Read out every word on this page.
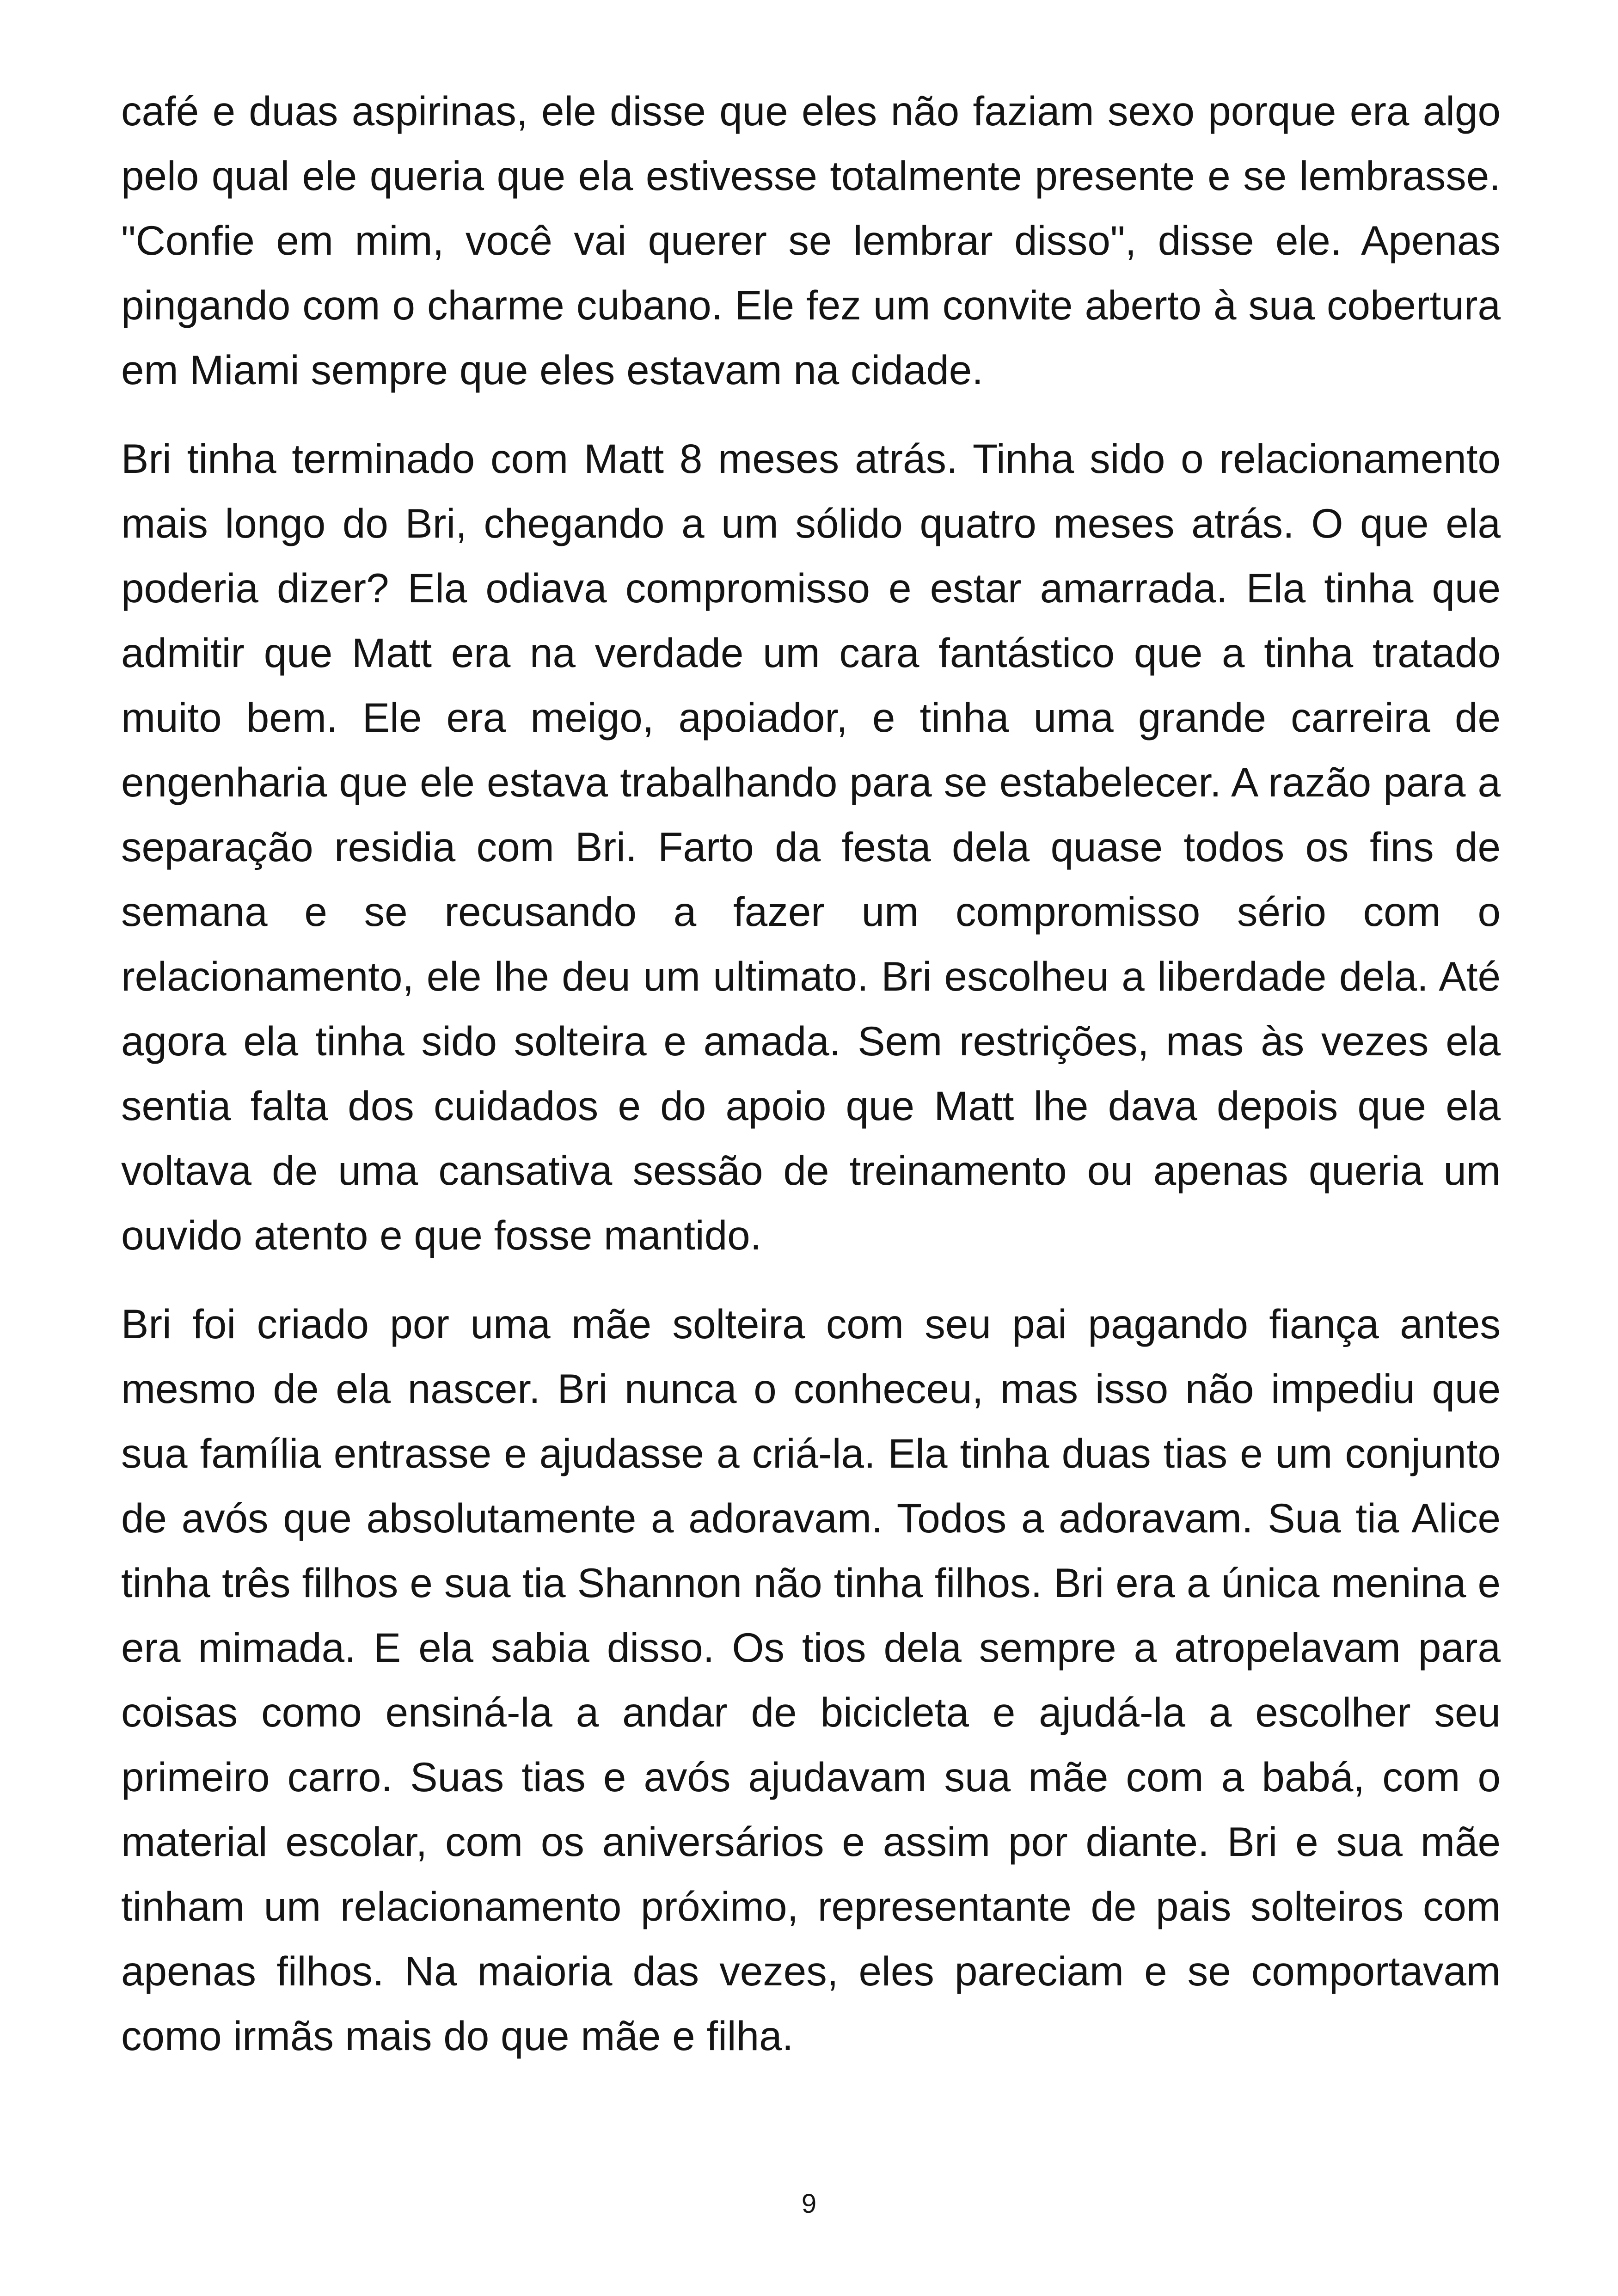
café e duas aspirinas, ele disse que eles não faziam sexo porque era algo pelo qual ele queria que ela estivesse totalmente presente e se lembrasse. "Confie em mim, você vai querer se lembrar disso", disse ele. Apenas pingando com o charme cubano. Ele fez um convite aberto à sua cobertura em Miami sempre que eles estavam na cidade.

Bri tinha terminado com Matt 8 meses atrás. Tinha sido o relacionamento mais longo do Bri, chegando a um sólido quatro meses atrás. O que ela poderia dizer? Ela odiava compromisso e estar amarrada. Ela tinha que admitir que Matt era na verdade um cara fantástico que a tinha tratado muito bem. Ele era meigo, apoiador, e tinha uma grande carreira de engenharia que ele estava trabalhando para se estabelecer. A razão para a separação residia com Bri. Farto da festa dela quase todos os fins de semana e se recusando a fazer um compromisso sério com o relacionamento, ele lhe deu um ultimato. Bri escolheu a liberdade dela. Até agora ela tinha sido solteira e amada. Sem restrições, mas às vezes ela sentia falta dos cuidados e do apoio que Matt lhe dava depois que ela voltava de uma cansativa sessão de treinamento ou apenas queria um ouvido atento e que fosse mantido.

Bri foi criado por uma mãe solteira com seu pai pagando fiança antes mesmo de ela nascer. Bri nunca o conheceu, mas isso não impediu que sua família entrasse e ajudasse a criá-la. Ela tinha duas tias e um conjunto de avós que absolutamente a adoravam. Todos a adoravam. Sua tia Alice tinha três filhos e sua tia Shannon não tinha filhos. Bri era a única menina e era mimada. E ela sabia disso. Os tios dela sempre a atropelavam para coisas como ensiná-la a andar de bicicleta e ajudá-la a escolher seu primeiro carro. Suas tias e avós ajudavam sua mãe com a babá, com o material escolar, com os aniversários e assim por diante. Bri e sua mãe tinham um relacionamento próximo, representante de pais solteiros com apenas filhos. Na maioria das vezes, eles pareciam e se comportavam como irmãs mais do que mãe e filha.

9
